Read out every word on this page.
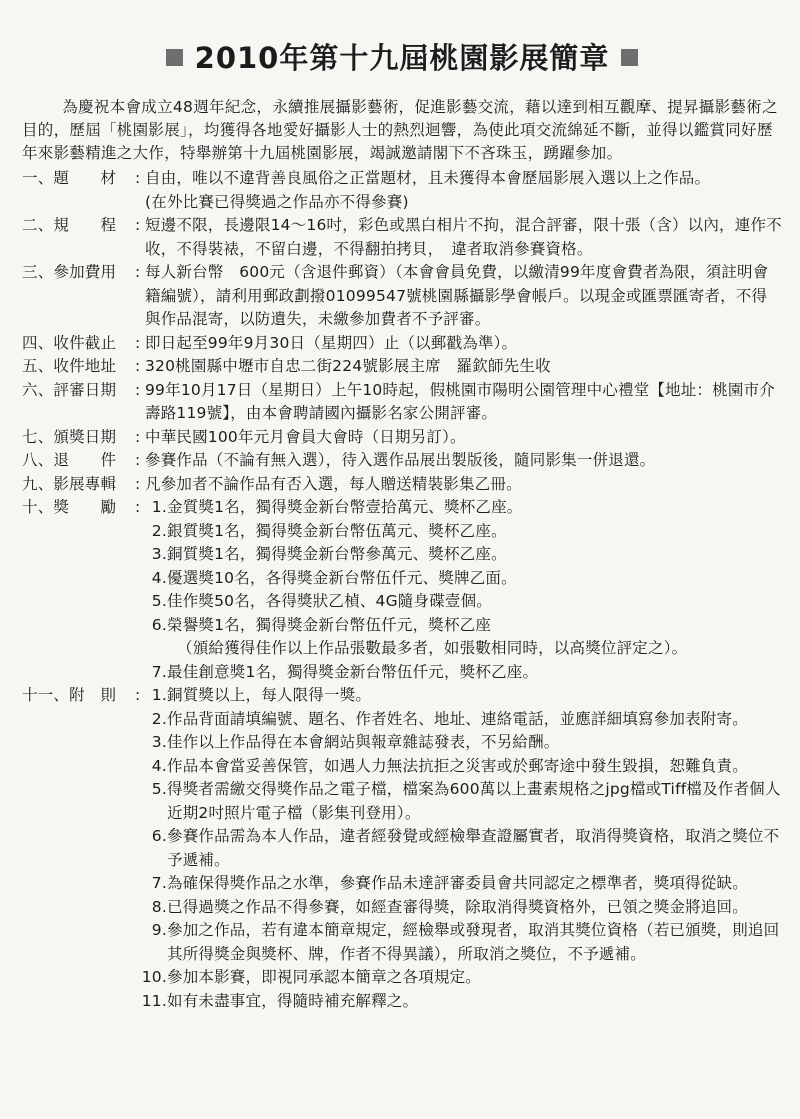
2010年第十九屆桃園影展簡章

為慶祝本會成立48週年紀念，永續推展攝影藝術，促進影藝交流，藉以達到相互觀摩、提昇攝影藝術之目的，歷屆「桃園影展」，均獲得各地愛好攝影人士的熱烈迴響，為使此項交流綿延不斷，並得以鑑賞同好歷年來影藝精進之大作，特舉辦第十九屆桃園影展，竭誠邀請閣下不吝珠玉，踴躍參加。

一、題　　材	: 自由，唯以不違背善良風俗之正當題材，且未獲得本會歷屆影展入選以上之作品。
(在外比賽已得獎過之作品亦不得參賽)
二、規　　程	: 短邊不限，長邊限14～16吋，彩色或黑白相片不拘，混合評審，限十張（含）以內，連作不收，不得裝裱，不留白邊，不得翻拍拷貝，　違者取消參賽資格。
三、參加費用	: 每人新台幣　600元（含退件郵資）（本會會員免費，以繳清99年度會費者為限，須註明會籍編號），請利用郵政劃撥01099547號桃園縣攝影學會帳戶。以現金或匯票匯寄者，不得與作品混寄，以防遺失，未繳參加費者不予評審。
四、收件截止	: 即日起至99年9月30日（星期四）止（以郵戳為準）。
五、收件地址	: 320桃園縣中壢市自忠二街224號影展主席　羅欽師先生收
六、評審日期	: 99年10月17日（星期日）上午10時起，假桃園市陽明公園管理中心禮堂【地址：桃園市介壽路119號】，由本會聘請國內攝影名家公開評審。
七、頒獎日期	: 中華民國100年元月會員大會時（日期另訂）。
八、退　　件	: 參賽作品（不論有無入選），待入選作品展出製版後，隨同影集一併退還。
九、影展專輯	: 凡參加者不論作品有否入選，每人贈送精裝影集乙冊。
十、獎　　勵	: 1. 金質獎1名，獨得獎金新台幣壹拾萬元、獎杯乙座。
2. 銀質獎1名，獨得獎金新台幣伍萬元、獎杯乙座。
3. 銅質獎1名，獨得獎金新台幣參萬元、獎杯乙座。
4. 優選獎10名，各得獎金新台幣伍仟元、獎牌乙面。
5. 佳作獎50名，各得獎狀乙楨、4G隨身碟壹個。
6. 榮譽獎1名，獨得獎金新台幣伍仟元，獎杯乙座
（頒給獲得佳作以上作品張數最多者，如張數相同時，以高獎位評定之）。
7. 最佳創意獎1名，獨得獎金新台幣伍仟元，獎杯乙座。
十一、附　則	: 1. 銅質獎以上，每人限得一獎。
2. 作品背面請填編號、題名、作者姓名、地址、連絡電話，並應詳細填寫參加表附寄。
3. 佳作以上作品得在本會網站與報章雜誌發表，不另給酬。
4. 作品本會當妥善保管，如遇人力無法抗拒之災害或於郵寄途中發生毀損，恕難負責。
5. 得獎者需繳交得獎作品之電子檔，檔案為600萬以上畫素規格之jpg檔或Tiff檔及作者個人近期2吋照片電子檔（影集刊登用）。
6. 參賽作品需為本人作品，違者經發覺或經檢舉查證屬實者，取消得獎資格，取消之獎位不予遞補。
7. 為確保得獎作品之水準，參賽作品未達評審委員會共同認定之標準者，獎項得從缺。
8. 已得過獎之作品不得參賽，如經查審得獎，除取消得獎資格外，已領之獎金將追回。
9. 參加之作品，若有違本簡章規定，經檢舉或發現者，取消其獎位資格（若已頒獎，則追回其所得獎金與獎杯、牌，作者不得異議），所取消之獎位，不予遞補。
10. 參加本影賽，即視同承認本簡章之各項規定。
11. 如有未盡事宜，得隨時補充解釋之。
